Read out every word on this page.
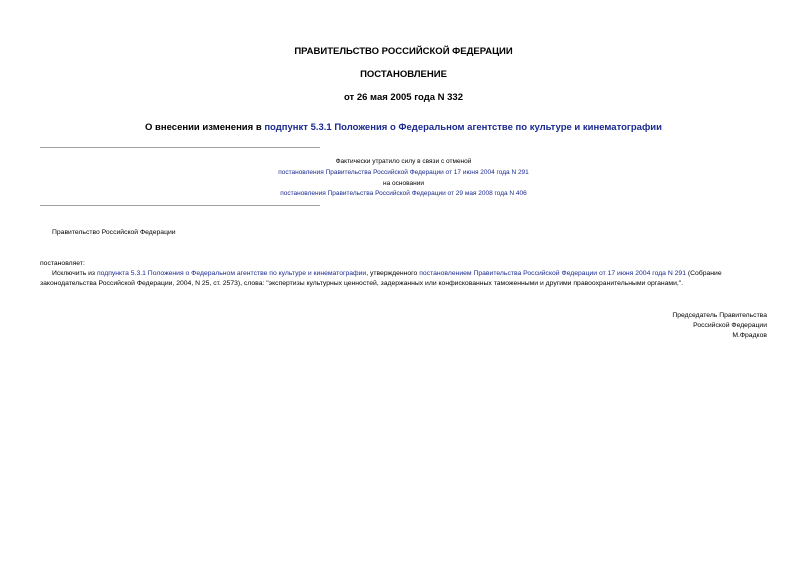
ПРАВИТЕЛЬСТВО РОССИЙСКОЙ ФЕДЕРАЦИИ
ПОСТАНОВЛЕНИЕ
от 26 мая 2005 года N 332
О внесении изменения в подпункт 5.3.1 Положения о Федеральном агентстве по культуре и кинематографии
Фактически утратило силу в связи с отменой
постановления Правительства Российской Федерации от 17 июня 2004 года N 291
на основании
постановления Правительства Российской Федерации от 29 мая 2008 года N 406
Правительство Российской Федерации
постановляет:
Исключить из подпункта 5.3.1 Положения о Федеральном агентстве по культуре и кинематографии, утвержденного постановлением Правительства Российской Федерации от 17 июня 2004 года N 291 (Собрание
законодательства Российской Федерации, 2004, N 25, ст. 2573), слова: "экспертизы культурных ценностей, задержанных или конфискованных таможенными и другими правоохранительными органами,".
Председатель Правительства
Российской Федерации
М.Фрадков
